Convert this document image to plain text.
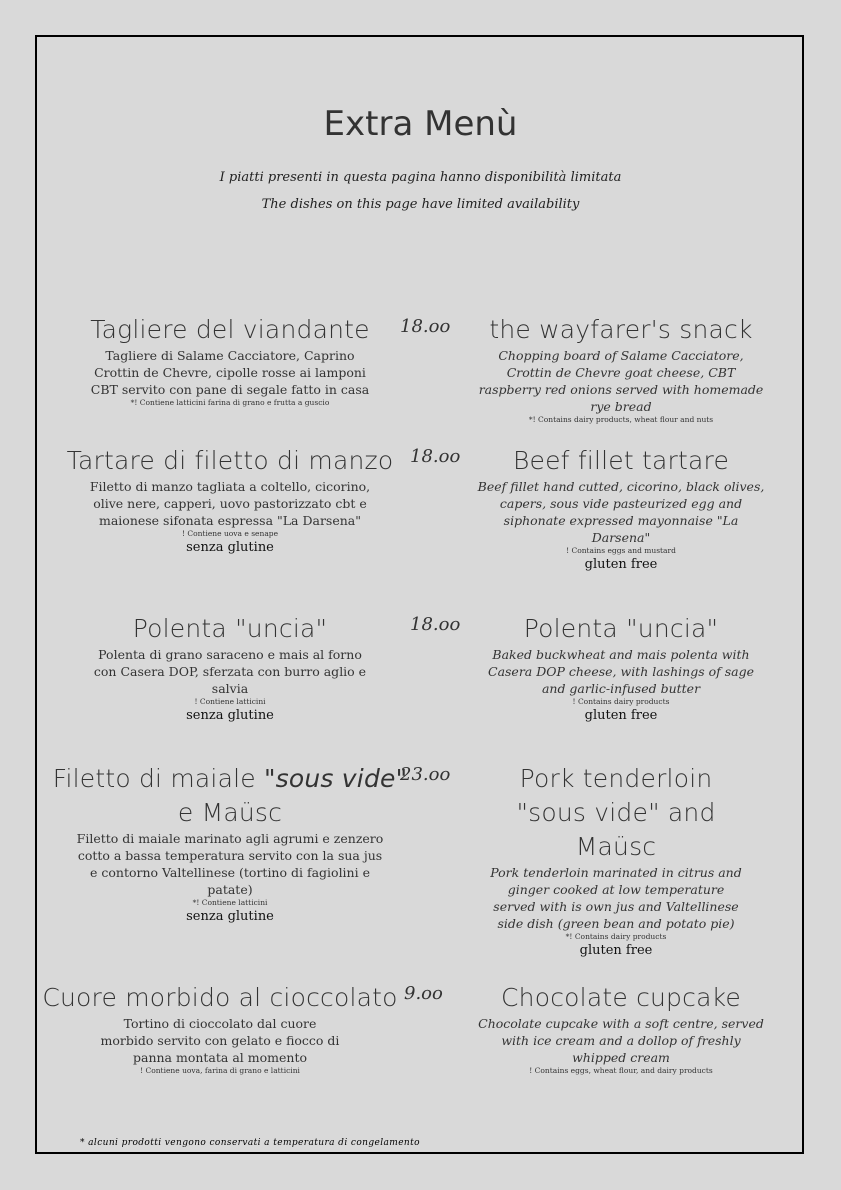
Extra Menù
I piatti presenti in questa pagina hanno disponibilità limitata
The dishes on this page have limited availability
Tagliere del viandante
Tagliere di Salame Cacciatore, Caprino Crottin de Chevre, cipolle rosse ai lamponi CBT servito con pane di segale fatto in casa
*! Contiene latticini farina di grano e frutta a guscio
18.oo	the wayfarer's snack
Chopping board of Salame Cacciatore, Crottin de Chevre goat cheese, CBT raspberry red onions served with homemade rye bread
*! Contains dairy products, wheat flour and nuts
Tartare di filetto di manzo
Filetto di manzo tagliata a coltello, cicorino, olive nere, capperi, uovo pastorizzato cbt e maionese sifonata espressa "La Darsena"
! Contiene uova e senape
senza glutine
18.oo	Beef fillet tartare
Beef fillet hand cutted, cicorino, black olives, capers, sous vide pasteurized egg and siphonate expressed mayonnaise "La Darsena"
! Contains eggs and mustard
gluten free
Polenta "uncia"
Polenta di grano saraceno e mais al forno con Casera DOP, sferzata con burro aglio e salvia
! Contiene latticini
senza glutine
18.oo	Polenta "uncia"
Baked buckwheat and mais polenta with Casera DOP cheese, with lashings of sage and garlic-infused butter
! Contains dairy products
gluten free
Filetto di maiale "sous vide"
e Maüsc
Filetto di maiale marinato agli agrumi e zenzero cotto a bassa temperatura servito con la sua jus e contorno Valtellinese (tortino di fagiolini e patate)
*! Contiene latticini
senza glutine
23.oo	Pork tenderloin "sous vide" and Maüsc
Pork tenderloin marinated in citrus and ginger cooked at low temperature served with is own jus and Valtellinese side dish (green bean and potato pie)
*! Contains dairy products
gluten free
Cuore morbido al cioccolato
Tortino di cioccolato dal cuore morbido servito con gelato e fiocco di panna montata al momento
! Contiene uova, farina di grano e latticini
9.oo	Chocolate cupcake
Chocolate cupcake with a soft centre, served with ice cream and a dollop of freshly whipped cream
! Contains eggs, wheat flour, and dairy products
* alcuni prodotti vengono conservati a temperatura di congelamento
